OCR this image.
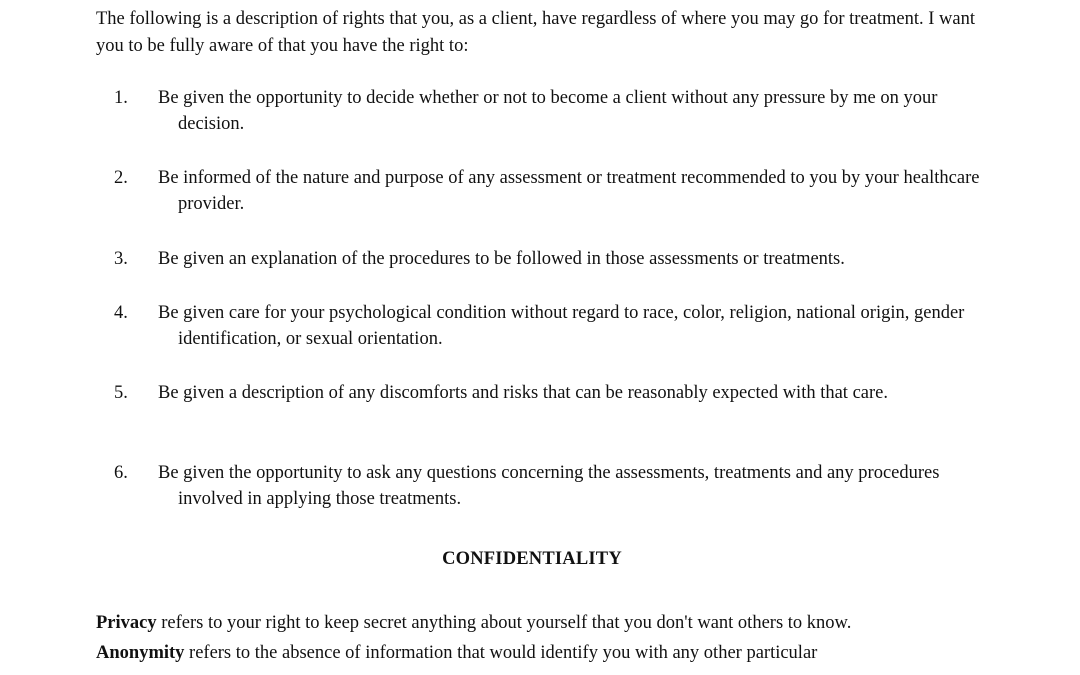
The following is a description of rights that you, as a client, have regardless of where you may go for treatment. I want you to be fully aware of that you have the right to:

1. Be given the opportunity to decide whether or not to become a client without any pressure by me on your decision.
2. Be informed of the nature and purpose of any assessment or treatment recommended to you by your healthcare provider.
3. Be given an explanation of the procedures to be followed in those assessments or treatments.
4. Be given care for your psychological condition without regard to race, color, religion, national origin, gender identification, or sexual orientation.
5. Be given a description of any discomforts and risks that can be reasonably expected with that care.
6. Be given the opportunity to ask any questions concerning the assessments, treatments and any procedures involved in applying those treatments.
CONFIDENTIALITY

Privacy refers to your right to keep secret anything about yourself that you don't want others to know.

Anonymity refers to the absence of information that would identify you with any other particular
